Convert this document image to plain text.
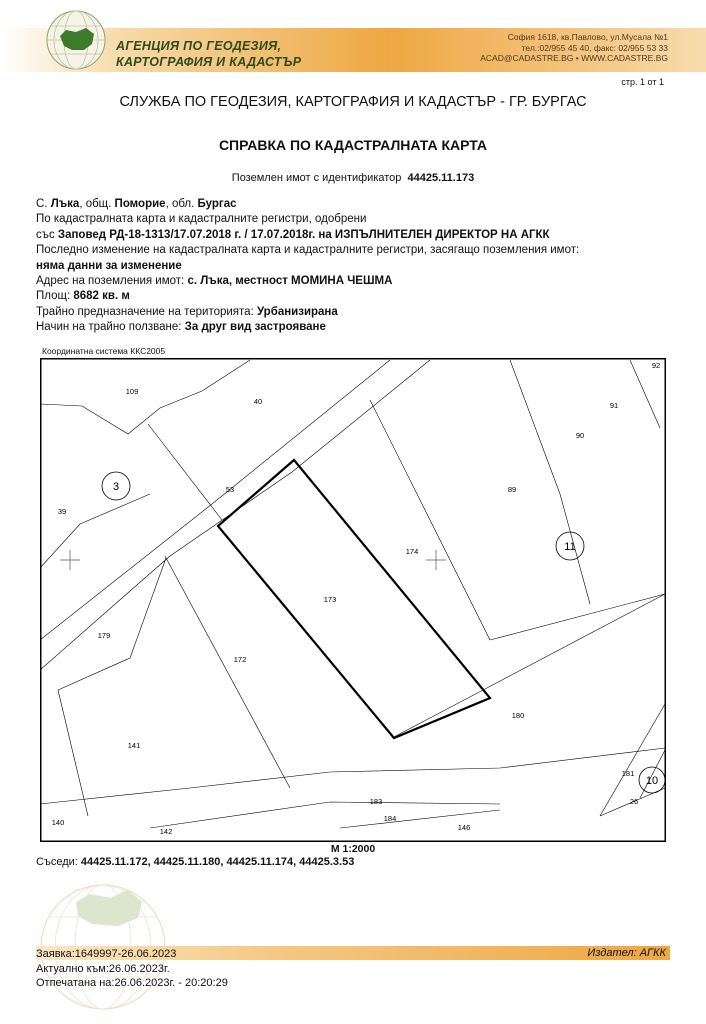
АГЕНЦИЯ ПО ГЕОДЕЗИЯ,
КАРТОГРАФИЯ И КАДАСТЪР
София 1618, кв.Павлово, ул.Мусала №1
тел.:02/955 45 40, факс: 02/955 53 33
ACAD@CADASTRE.BG • WWW.CADASTRE.BG
стр. 1 от 1
СЛУЖБА ПО ГЕОДЕЗИЯ, КАРТОГРАФИЯ И КАДАСТЪР - ГР. БУРГАС
СПРАВКА ПО КАДАСТРАЛНАТА КАРТА
Поземлен имот с идентификатор 44425.11.173
С. Лъка, общ. Поморие, обл. Бургас
По кадастралната карта и кадастралните регистри, одобрени
със Заповед РД-18-1313/17.07.2018 г. / 17.07.2018г. на ИЗПЪЛНИТЕЛЕН ДИРЕКТОР НА АГКК
Последно изменение на кадастралната карта и кадастралните регистри, засягащо поземления имот:
няма данни за изменение
Адрес на поземления имот: с. Лъка, местност МОМИНА ЧЕШМА
Площ: 8682 кв. м
Трайно предназначение на територията: Урбанизирана
Начин на трайно ползване: За друг вид застрояване
Координатна система ККС2005
3
11
10
92
109
40	91
90
53	89
39
174
173
179
172
180
141
181
26
183
184
140
142	146
М 1:2000
Съседи: 44425.11.172, 44425.11.180, 44425.11.174, 44425.3.53
Заявка:1649997-26.06.2023
Актуално към:26.06.2023г.
Отпечатана на:26.06.2023г. - 20:20:29
Издател: АГКК
